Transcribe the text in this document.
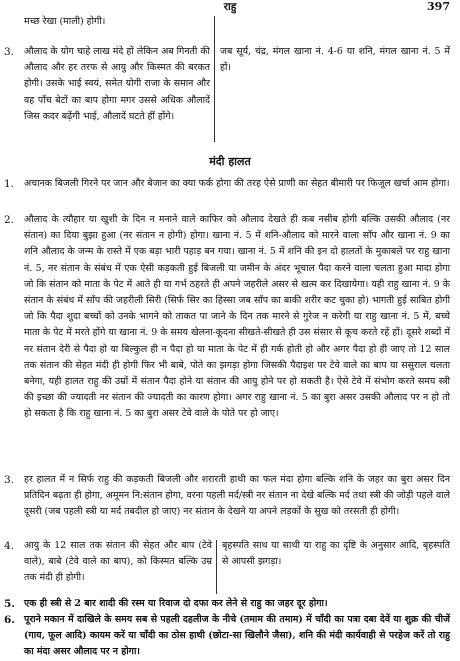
राहु	397
मच्छ रेखा (माली) होगी।
3. औलाद के योग चाहे लाख मंदे हों लेकिन अब गिनती की औलाद और हर तरफ से आयु और किस्मत की बरकत होगी। उसके भाई स्वयं, समेत योगी राजा के समान और वह पाँच बेटों का बाप होगा मगर उससे अधिक औलादें जिस कदर बढ़ेंगी भाई, औलादें घटते हीं होंगे।
जब सूर्य, चंद्र, मंगल खाना नं. 4-6 या शनि, मंगल खाना नं. 5 में हों।
मंदी हालत
1. अचानक बिजली गिरने पर जान और बेजान का क्या फर्क होगा की तरह ऐसे प्राणी का सेहत बीमारी पर फिजूल खर्चा आम होगा।
2. औलाद के त्यौहार या खुशी के दिन न मनाने वाले काफिर को औलाद देखते ही कब नसीब होगी बल्कि उसकी औलाद (नर संतान) का दिया बुझा हुआ (नर संतान न होगी) होगा। खाना नं. 5 में शनि-औलाद को मारने वाला साँप और खाना नं. 9 का शनि औलाद के जन्म के रास्ते में एक बड़ा भारी पहाड़ बन गया। खाना नं. 5 में शनि की इन दो हालतों के मुकाबले पर राहु खाना नं. 5, नर संतान के संबंध में एक ऐसी कड़कती हुई बिजली या जमीन के अंदर भूचाल पैदा करने वाला चलता हुआ मादा होगा जो कि संतान को माता के पेट में आते ही या गर्भ ठहरते ही अपने जहरीले असर से खत्म कर दिखायेगा। यही राहु खाना नं. 9 के संतान के संबंध में साँप की जहरीली सिरी (सिर्फ सिर का हिस्सा जब साँप का बाकी शरीर कट चुका हो) भागती हुई साबित होगी जो कि पैदा शुदा बच्चों को उनके भागने को ताकत पा जाने के दिन तक मारने से गुरेज न करेगी या राहु खाना नं. 5 में, बच्चे माता के पेट में मरते होंगे या खाना नं. 9 के समय खेलना-कूदना सीखते-सीखते ही उस संसार से कूच करते रहें हों। दूसरे शब्दों में नर संतान देरी से पैदा हो या बिल्कुल ही न पैदा हो या माता के पेट में ही गर्क होती हो और अगर पैदा हो ही जाए तो 12 साल तक संतान की सेहत मंदी ही होगी फिर भी बाबे, पोते का झगड़ा होगा जिसकी पैदाइश पर टेवे वाले का बाप या ससुराल चलता बनेगा, यही हालत राहु की उम्रों में संतान पैदा होने या संतान की आयु होने पर हो सकती है। ऐसे टेवे में संभोग करते समय स्त्री की इच्छा की ज्यादती नर संतान की ज्यादती का कारण होगा। अगर राहु खाना नं. 5 का बुरा असर उसकी औलाद पर न हो तो हो सकता है कि राहु खाना नं. 5 का बुरा असर टेवे वाले के पोते पर हो जाए।
3. हर हालत में न सिर्फ राहु की कड़कती बिजली और शरारती हाथी का फल मंदा होगा बल्कि शनि के जहर का बुरा असर दिन प्रतिदिन बढ़ता ही होगा, अमूमन नि:संतान होगा, वरना पहली मर्द/स्त्री नर संतान ना देखे बल्कि मर्द तथा स्त्री की जोड़ी पहले वाले दूसरी (जब पहली स्त्री या मर्द तबदील हो जाए) नर संतान के देखने या अपने लड़कों के सुख को तरसती ही होगी।
4. आयु के 12 साल तक संतान की सेहत और बाप (टेवे वाले), बाबे (टेवे वाले का बाप), को किस्मत बल्कि उम्र तक मंदी ही होगी।
बृहस्पति साथ या साथी या राहु का दृष्टि के अनुसार आदि, बृहस्पति से आपसी झगड़ा।
5. एक ही स्त्री से 2 बार शादी की रस्म या रिवाज दो दफा कर लेने से राहु का जहर दूर होगा।
6. पूराने मकान में दाखिले के समय सब से पहली दहलीज के नीचे (तमाम की तमाम) में चाँदी का पत्रा दबा देवें या शुक्र की चीजें (गाय, फूल आदि) कायम करें या चाँदी का ठोस हाथी (छोटा-सा खिलौने जैसा), शनि की मंदी कार्यवाही से परहेज करें तो राहु का मंदा असर औलाद पर न होगा।
